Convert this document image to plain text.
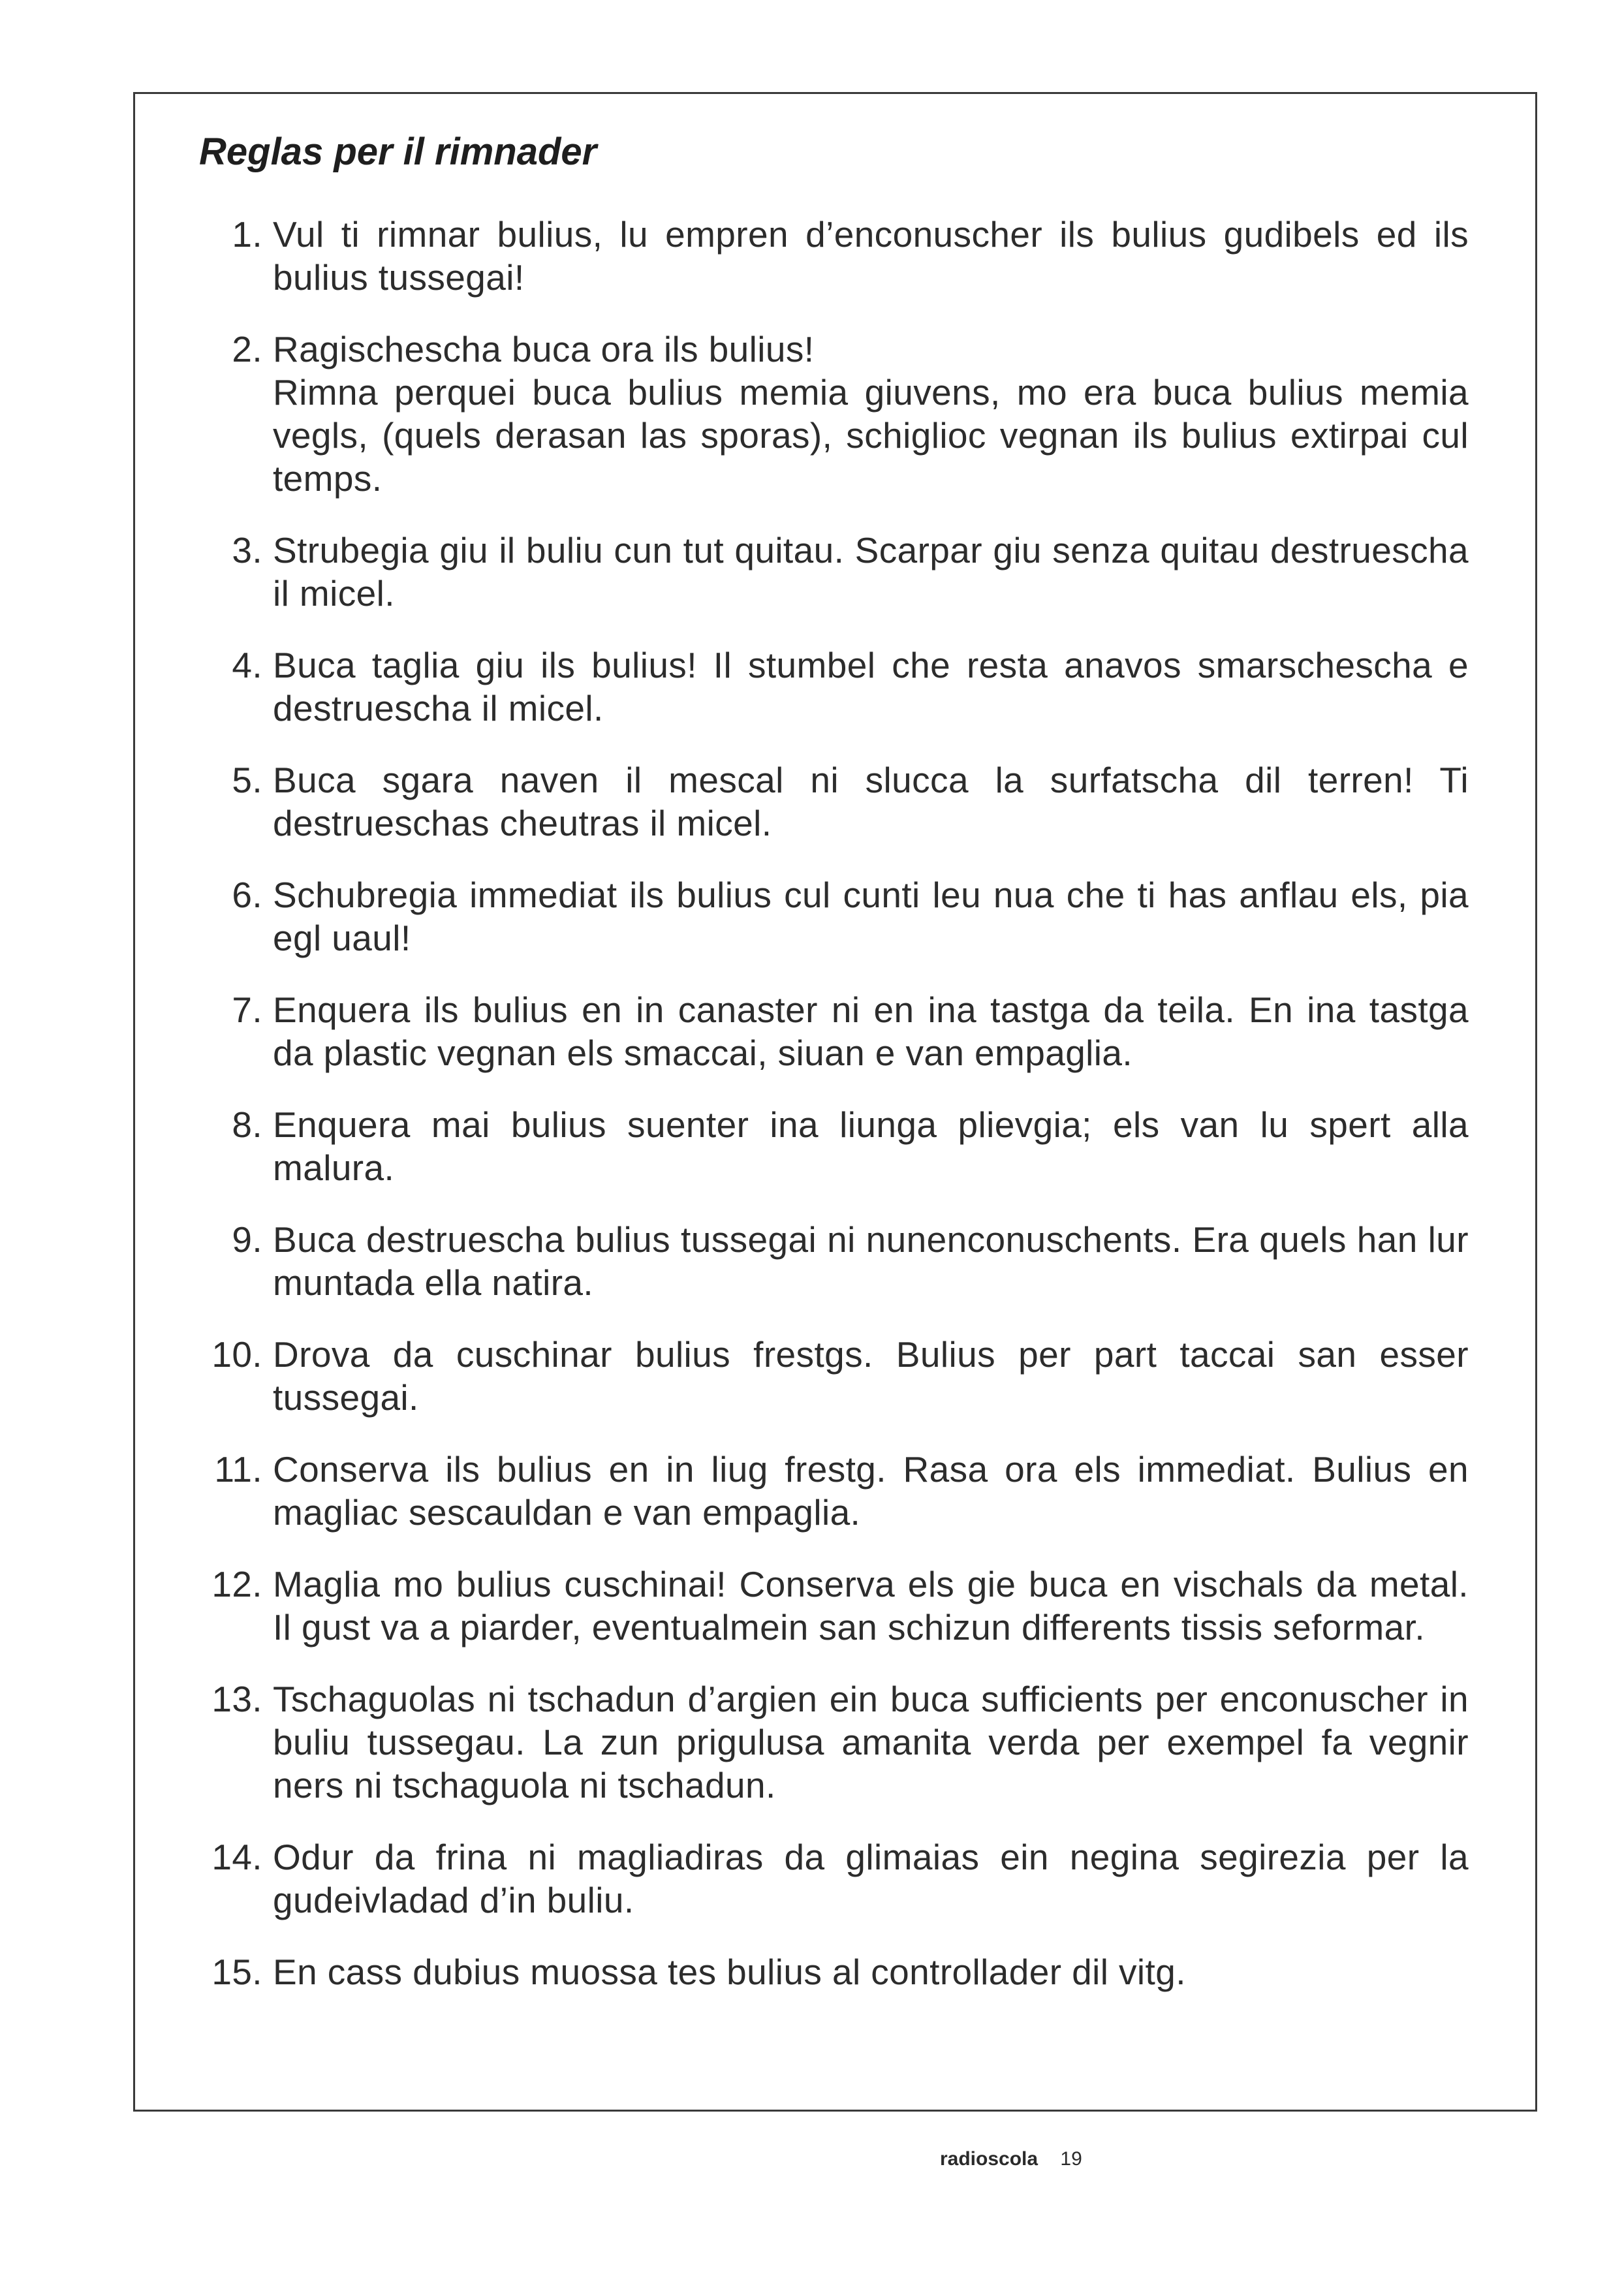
Reglas per il rimnader
1. Vul ti rimnar bulius, lu empren d’enconuscher ils bulius gudibels ed ils bulius tussegai!
2. Ragischescha buca ora ils bulius!
Rimna perquei buca bulius memia giuvens, mo era buca bulius memia vegls, (quels derasan las sporas), schiglioc vegnan ils bulius extirpai cul temps.
3. Strubegia giu il buliu cun tut quitau. Scarpar giu senza quitau destruescha il micel.
4. Buca taglia giu ils bulius! Il stumbel che resta anavos smarschescha e destruescha il micel.
5. Buca sgara naven il mescal ni slucca la surfatscha dil terren! Ti destrueschas cheutras il micel.
6. Schubregia immediat ils bulius cul cunti leu nua che ti has anflau els, pia egl uaul!
7. Enquera ils bulius en in canaster ni en ina tastga da teila. En ina tastga da plastic vegnan els smaccai, siuan e van empaglia.
8. Enquera mai bulius suenter ina liunga plievgia; els van lu spert alla malura.
9. Buca destruescha bulius tussegai ni nunenconuschents. Era quels han lur muntada ella natira.
10. Drova da cuschinar bulius frestgs. Bulius per part taccai san esser tussegai.
11. Conserva ils bulius en in liug frestg. Rasa ora els immediat. Bulius en magliac sescauldan e van empaglia.
12. Maglia mo bulius cuschinai! Conserva els gie buca en vischals da metal. Il gust va a piarder, eventualmein san schizun differents tissis seformar.
13. Tschaguolas ni tschadun d’argien ein buca sufficients per enconuscher in buliu tussegau. La zun prigulusa amanita verda per exempel fa vegnir ners ni tschaguola ni tschadun.
14. Odur da frina ni magliadiras da glimaias ein negina segirezia per la gudeivladad d’in buliu.
15. En cass dubius muossa tes bulius al controllader dil vitg.
radioscola 19
